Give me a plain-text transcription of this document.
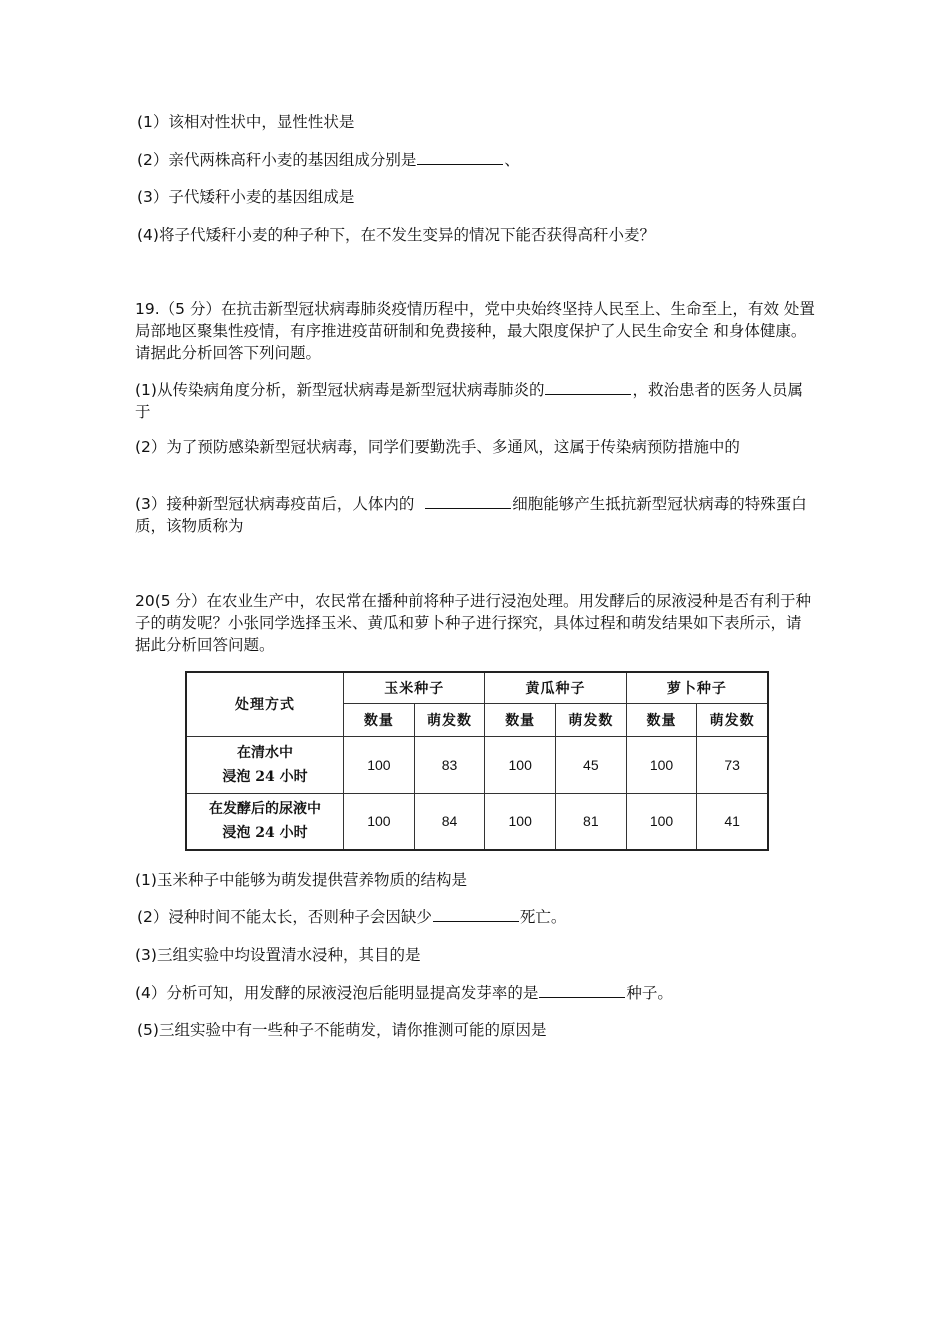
(1）该相对性状中，显性性状是
(2）亲代两株高秆小麦的基因组成分别是	、
(3）子代矮秆小麦的基因组成是
(4)将子代矮秆小麦的种子种下，在不发生变异的情况下能否获得高秆小麦？
19.（5 分）在抗击新型冠状病毒肺炎疫情历程中，党中央始终坚持人民至上、生命至上，有效 处置局部地区聚集性疫情，有序推进疫苗研制和免费接种，最大限度保护了人民生命安全 和身体健康。请据此分析回答下列问题。
(1)从传染病角度分析，新型冠状病毒是新型冠状病毒肺炎的	，救治患者的医务人员属于
(2）为了预防感染新型冠状病毒，同学们要勤洗手、多通风，这属于传染病预防措施中的
(3）接种新型冠状病毒疫苗后，人体内的	细胞能够产生抵抗新型冠状病毒的特殊蛋白质，该物质称为
20(5 分）在农业生产中，农民常在播种前将种子进行浸泡处理。用发酵后的尿液浸种是否有利于种子的萌发呢？小张同学选择玉米、黄瓜和萝卜种子进行探究，具体过程和萌发结果如下表所示，请据此分析回答问题。
处理方式	玉米种子		黄瓜种子		萝卜种子	
	数量	萌发数	数量	萌发数	数量	萌发数

在清水中
浸泡 24 小时	100	83	100	45	100	73

在发酵后的尿液中
浸泡 24 小时	100	84	100	81	100	41
(1)玉米种子中能够为萌发提供营养物质的结构是
(2）浸种时间不能太长，否则种子会因缺少	死亡。
(3)三组实验中均设置清水浸种，其目的是
(4）分析可知，用发酵的尿液浸泡后能明显提高发芽率的是	种子。
(5)三组实验中有一些种子不能萌发，请你推测可能的原因是
